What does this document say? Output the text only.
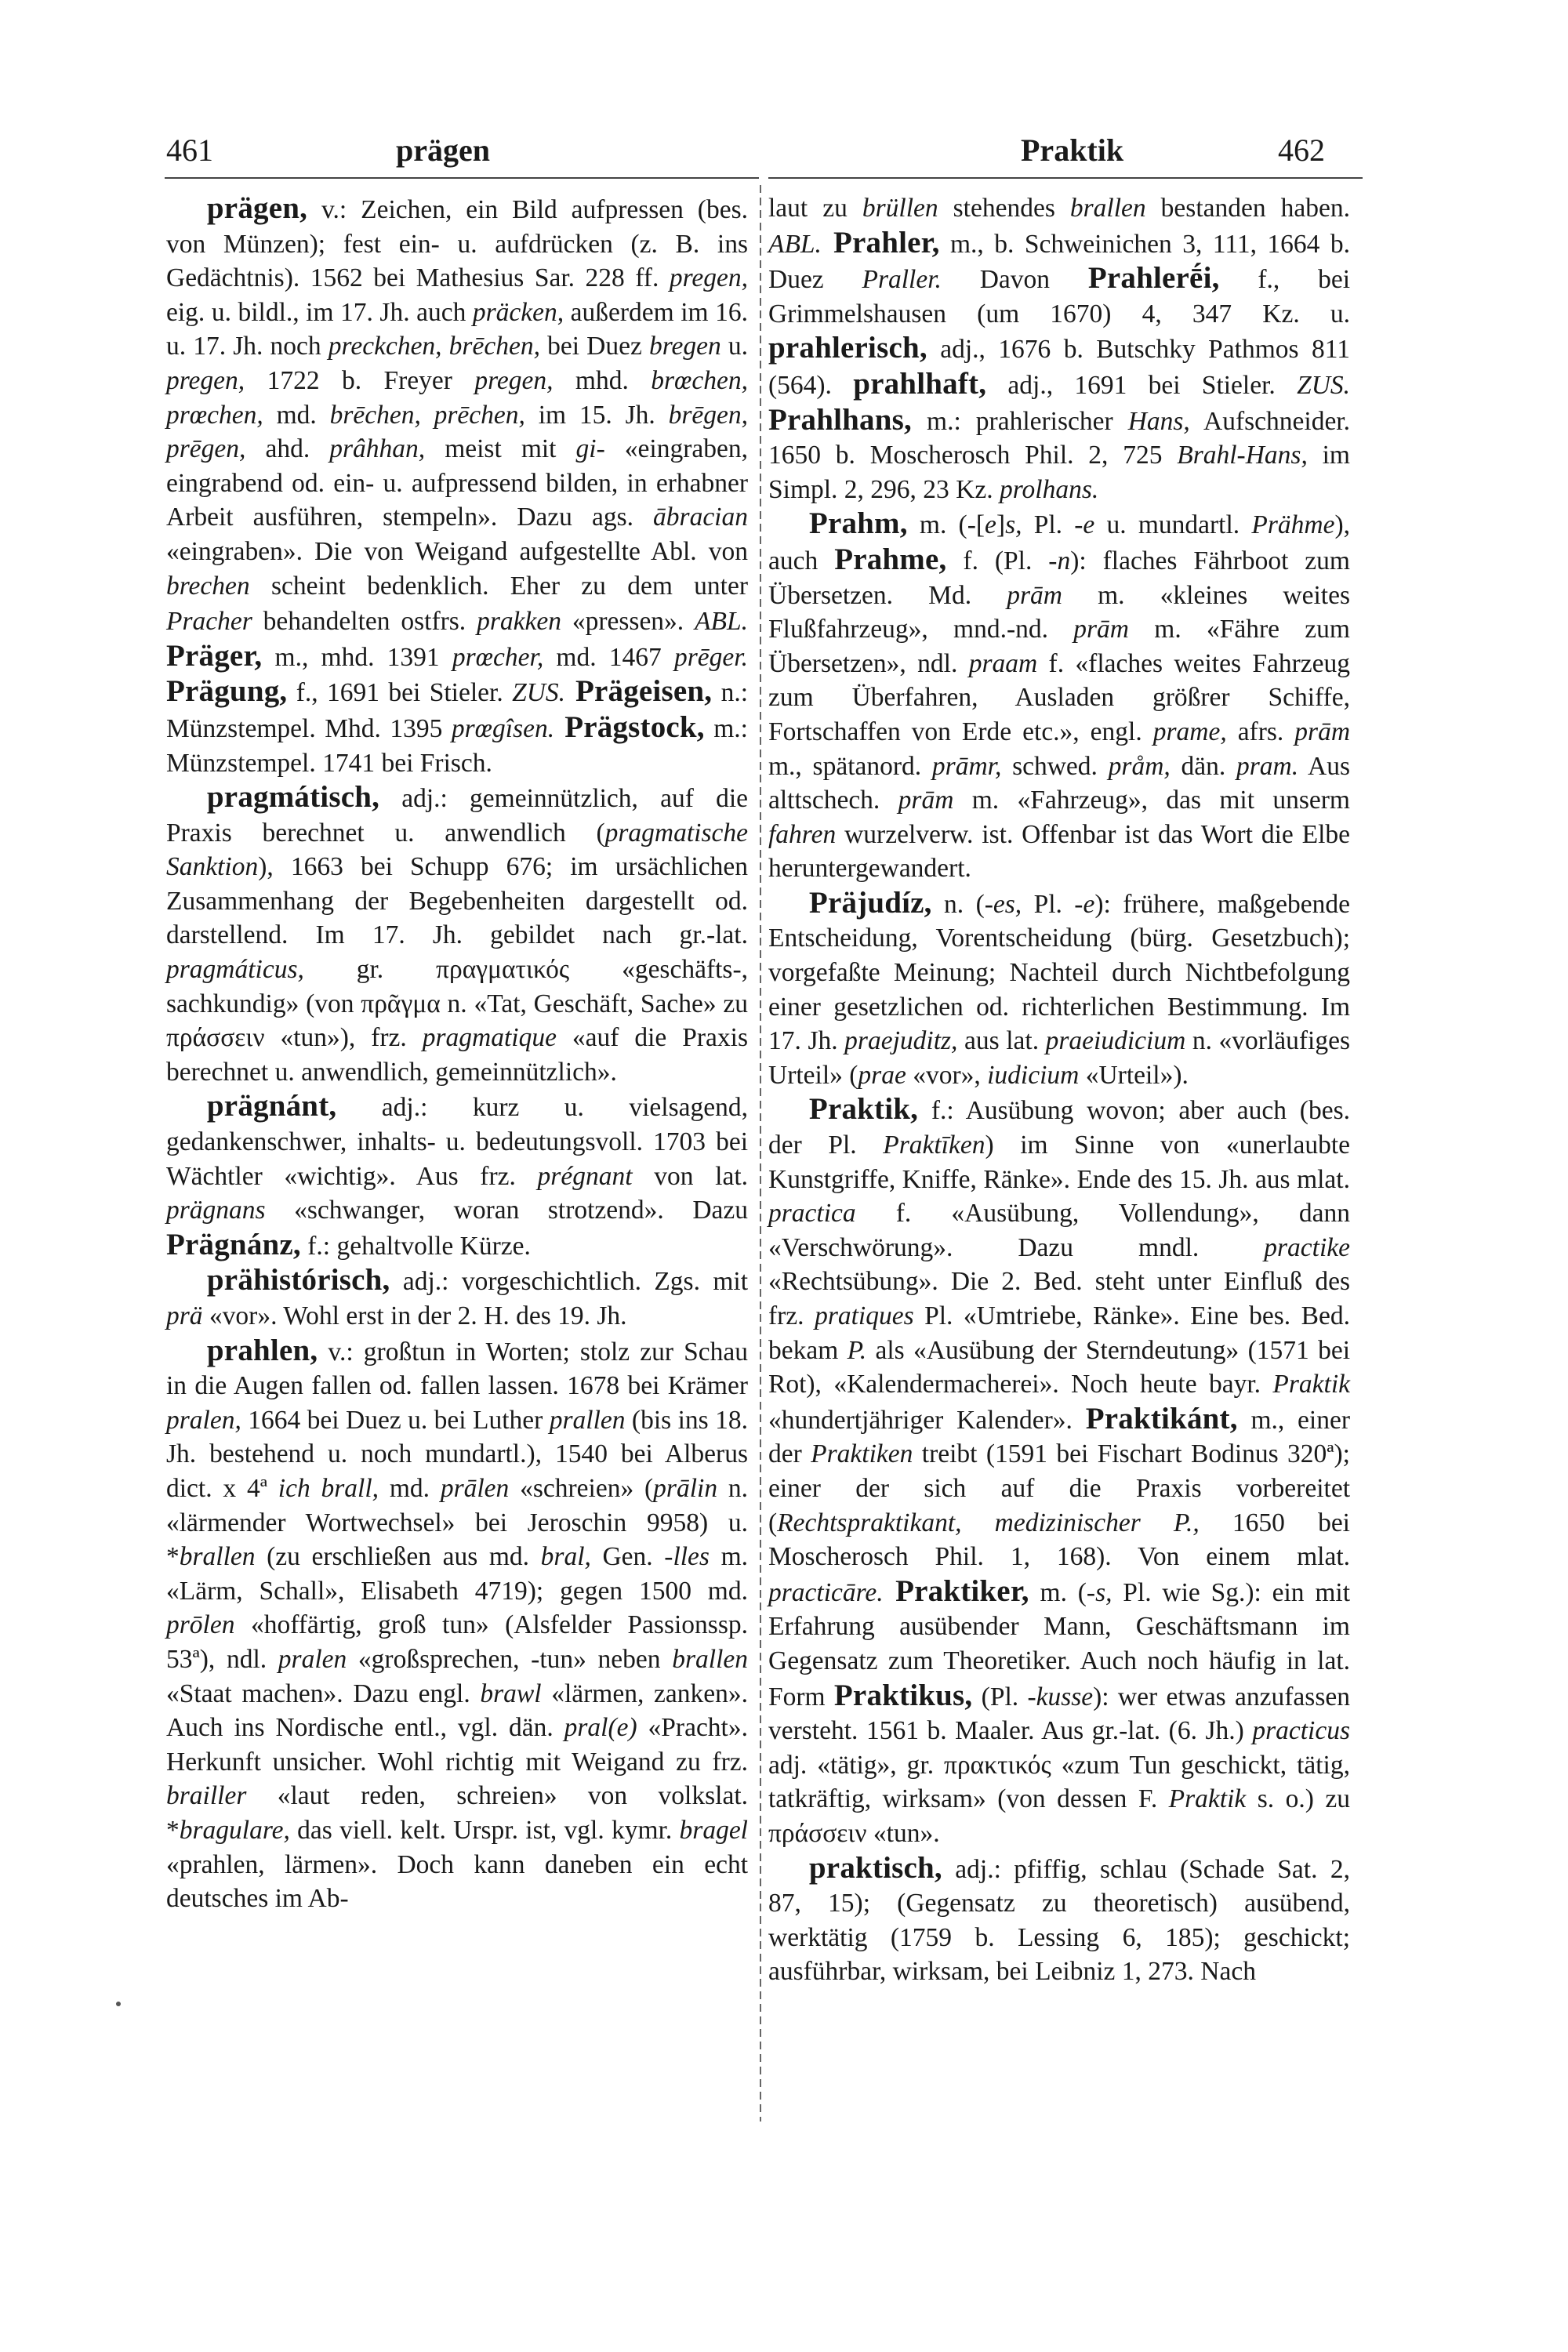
461	prägen	Praktik	462

prägen, v.: Zeichen, ein Bild aufpressen (bes. von Münzen); fest ein- u. aufdrücken (z. B. ins Gedächtnis). 1562 bei Mathesius Sar. 228 ff. pregen, eig. u. bildl., im 17. Jh. auch präcken, außerdem im 16. u. 17. Jh. noch preckchen, brēchen, bei Duez bregen u. pregen, 1722 b. Freyer pregen, mhd. brœchen, prœchen, md. brēchen, prēchen, im 15. Jh. brēgen, prēgen, ahd. prâhhan, meist mit gi- «eingraben, eingrabend od. ein- u. aufpressend bilden, in erhabner Arbeit ausführen, stempeln». Dazu ags. ābracian «eingraben». Die von Weigand aufgestellte Abl. von brechen scheint bedenklich. Eher zu dem unter Pracher behandelten ostfrs. prakken «pressen». ABL. Präger, m., mhd. 1391 prœcher, md. 1467 prēger. Prägung, f., 1691 bei Stieler. ZUS. Prägeisen, n.: Münzstempel. Mhd. 1395 prœgîsen. Prägstock, m.: Münzstempel. 1741 bei Frisch.

pragmátisch, adj.: gemeinnützlich, auf die Praxis berechnet u. anwendlich (pragmatische Sanktion), 1663 bei Schupp 676; im ursächlichen Zusammenhang der Begebenheiten dargestellt od. darstellend. Im 17. Jh. gebildet nach gr.-lat. pragmáticus, gr. πραγματικός «geschäfts-, sachkundig» (von πρᾶγμα n. «Tat, Geschäft, Sache» zu πράσσειν «tun»), frz. pragmatique «auf die Praxis berechnet u. anwendlich, gemeinnützlich».

prägnánt, adj.: kurz u. vielsagend, gedankenschwer, inhalts- u. bedeutungsvoll. 1703 bei Wächtler «wichtig». Aus frz. prégnant von lat. prägnans «schwanger, woran strotzend». Dazu Prägnánz, f.: gehaltvolle Kürze.

prähistórisch, adj.: vorgeschichtlich. Zgs. mit prä «vor». Wohl erst in der 2. H. des 19. Jh.

prahlen, v.: großtun in Worten; stolz zur Schau in die Augen fallen od. fallen lassen. 1678 bei Krämer pralen, 1664 bei Duez u. bei Luther prallen (bis ins 18. Jh. bestehend u. noch mundartl.), 1540 bei Alberus dict. x 4ª ich brall, md. prālen «schreien» (prālin n. «lärmender Wortwechsel» bei Jeroschin 9958) u. *brallen (zu erschließen aus md. bral, Gen. -lles m. «Lärm, Schall», Elisabeth 4719); gegen 1500 md. prōlen «hoffärtig, groß tun» (Alsfelder Passionssp. 53ª), ndl. pralen «großsprechen, -tun» neben brallen «Staat machen». Dazu engl. brawl «lärmen, zanken». Auch ins Nordische entl., vgl. dän. pral(e) «Pracht». Herkunft unsicher. Wohl richtig mit Weigand zu frz. brailler «laut reden, schreien» von volkslat. *bragulare, das viell. kelt. Urspr. ist, vgl. kymr. bragel «prahlen, lärmen». Doch kann daneben ein echt deutsches im Ab-

laut zu brüllen stehendes brallen bestanden haben. ABL. Prahler, m., b. Schweinichen 3, 111, 1664 b. Duez Praller. Davon Prahlerḗi, f., bei Grimmelshausen (um 1670) 4, 347 Kz. u. prahlerisch, adj., 1676 b. Butschky Pathmos 811 (564). prahlhaft, adj., 1691 bei Stieler. ZUS. Prahlhans, m.: prahlerischer Hans, Aufschneider. 1650 b. Moscherosch Phil. 2, 725 Brahl-Hans, im Simpl. 2, 296, 23 Kz. prolhans.

Prahm, m. (-[e]s, Pl. -e u. mundartl. Prähme), auch Prahme, f. (Pl. -n): flaches Fährboot zum Übersetzen. Md. prām m. «kleines weites Flußfahrzeug», mnd.-nd. prām m. «Fähre zum Übersetzen», ndl. praam f. «flaches weites Fahrzeug zum Überfahren, Ausladen größrer Schiffe, Fortschaffen von Erde etc.», engl. prame, afrs. prām m., spätanord. prāmr, schwed. pråm, dän. pram. Aus alttschech. prām m. «Fahrzeug», das mit unserm fahren wurzelverw. ist. Offenbar ist das Wort die Elbe heruntergewandert.

Präjudíz, n. (-es, Pl. -e): frühere, maßgebende Entscheidung, Vorentscheidung (bürg. Gesetzbuch); vorgefaßte Meinung; Nachteil durch Nichtbefolgung einer gesetzlichen od. richterlichen Bestimmung. Im 17. Jh. praejuditz, aus lat. praeiudicium n. «vorläufiges Urteil» (prae «vor», iudicium «Urteil»).

Praktik, f.: Ausübung wovon; aber auch (bes. der Pl. Praktīken) im Sinne von «unerlaubte Kunstgriffe, Kniffe, Ränke». Ende des 15. Jh. aus mlat. practica f. «Ausübung, Vollendung», dann «Verschwörung». Dazu mndl. practike «Rechtsübung». Die 2. Bed. steht unter Einfluß des frz. pratiques Pl. «Umtriebe, Ränke». Eine bes. Bed. bekam P. als «Ausübung der Sterndeutung» (1571 bei Rot), «Kalendermacherei». Noch heute bayr. Praktik «hundertjähriger Kalender». Praktikánt, m., einer der Praktiken treibt (1591 bei Fischart Bodinus 320ª); einer der sich auf die Praxis vorbereitet (Rechtspraktikant, medizinischer P., 1650 bei Moscherosch Phil. 1, 168). Von einem mlat. practicāre. Praktiker, m. (-s, Pl. wie Sg.): ein mit Erfahrung ausübender Mann, Geschäftsmann im Gegensatz zum Theoretiker. Auch noch häufig in lat. Form Praktikus, (Pl. -kusse): wer etwas anzufassen versteht. 1561 b. Maaler. Aus gr.-lat. (6. Jh.) practicus adj. «tätig», gr. πρακτικός «zum Tun geschickt, tätig, tatkräftig, wirksam» (von dessen F. Praktik s. o.) zu πράσσειν «tun».

praktisch, adj.: pfiffig, schlau (Schade Sat. 2, 87, 15); (Gegensatz zu theoretisch) ausübend, werktätig (1759 b. Lessing 6, 185); geschickt; ausführbar, wirksam, bei Leibniz 1, 273. Nach
